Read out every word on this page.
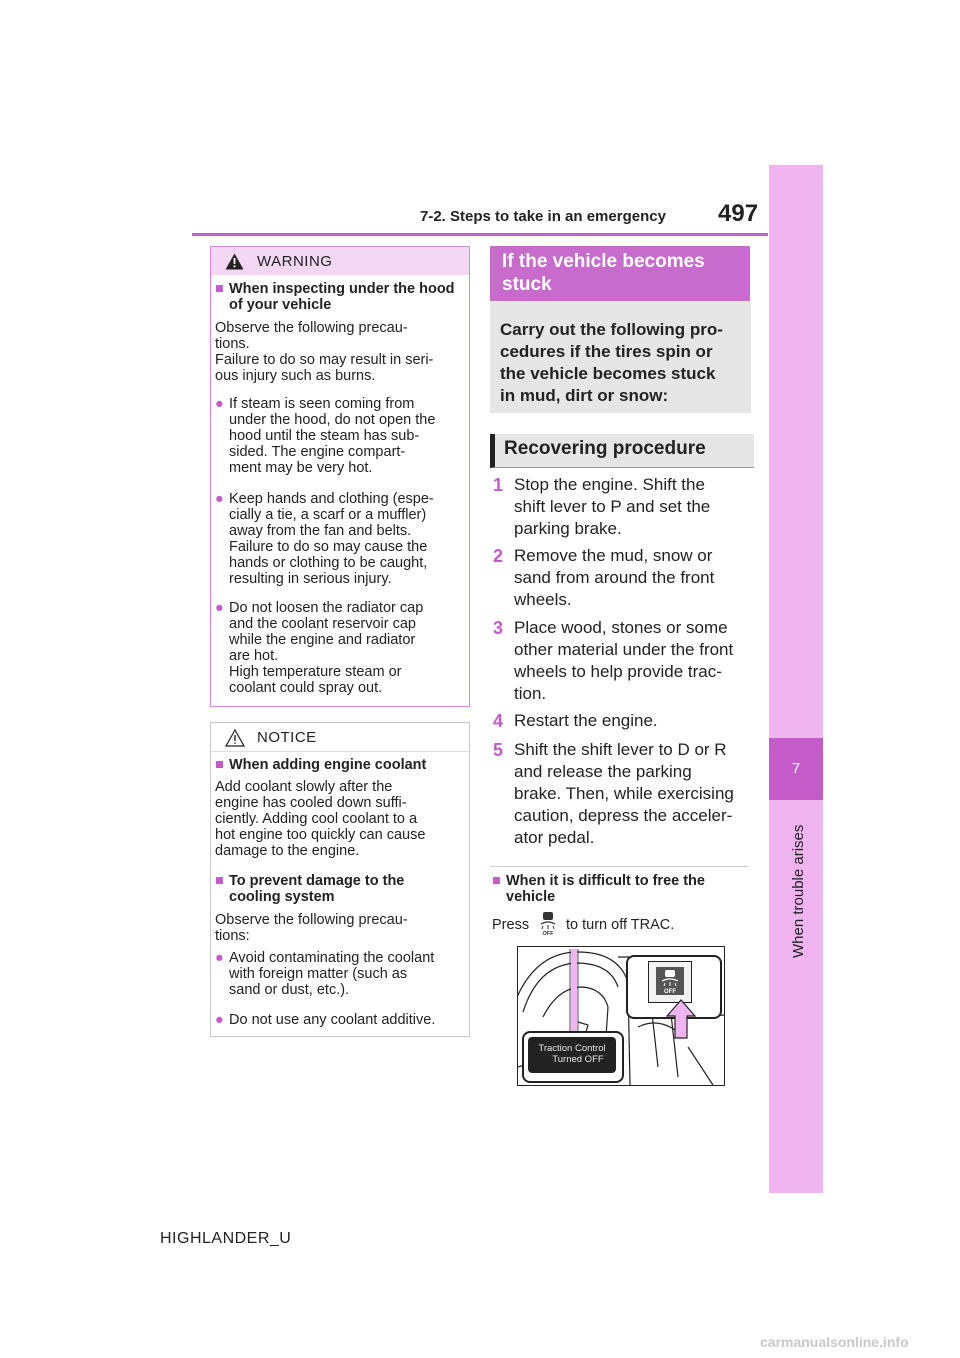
7-2. Steps to take in an emergency 497
7
When trouble arises
WARNING
■ When inspecting under the hood of your vehicle
Observe the following precau-
tions.
Failure to do so may result in seri-
ous injury such as burns.
● If steam is seen coming from
under the hood, do not open the
hood until the steam has sub-
sided. The engine compart-
ment may be very hot.
● Keep hands and clothing (espe-
cially a tie, a scarf or a muffler)
away from the fan and belts.
Failure to do so may cause the
hands or clothing to be caught,
resulting in serious injury.
● Do not loosen the radiator cap
and the coolant reservoir cap
while the engine and radiator
are hot.
High temperature steam or
coolant could spray out.
NOTICE
■ When adding engine coolant
Add coolant slowly after the
engine has cooled down suffi-
ciently. Adding cool coolant to a
hot engine too quickly can cause
damage to the engine.
■ To prevent damage to the
cooling system
Observe the following precau-
tions:
● Avoid contaminating the coolant
with foreign matter (such as
sand or dust, etc.).
● Do not use any coolant additive.
If the vehicle becomes
stuck
Carry out the following pro-
cedures if the tires spin or
the vehicle becomes stuck
in mud, dirt or snow:
Recovering procedure
1 Stop the engine. Shift the
shift lever to P and set the
parking brake.
2 Remove the mud, snow or
sand from around the front
wheels.
3 Place wood, stones or some
other material under the front
wheels to help provide trac-
tion.
4 Restart the engine.
5 Shift the shift lever to D or R
and release the parking
brake. Then, while exercising
caution, depress the acceler-
ator pedal.
■ When it is difficult to free the
vehicle
Press
OFF
to turn off TRAC.
OFF
Traction Control
Turned OFF
HIGHLANDER_U
carmanualsonline.info
